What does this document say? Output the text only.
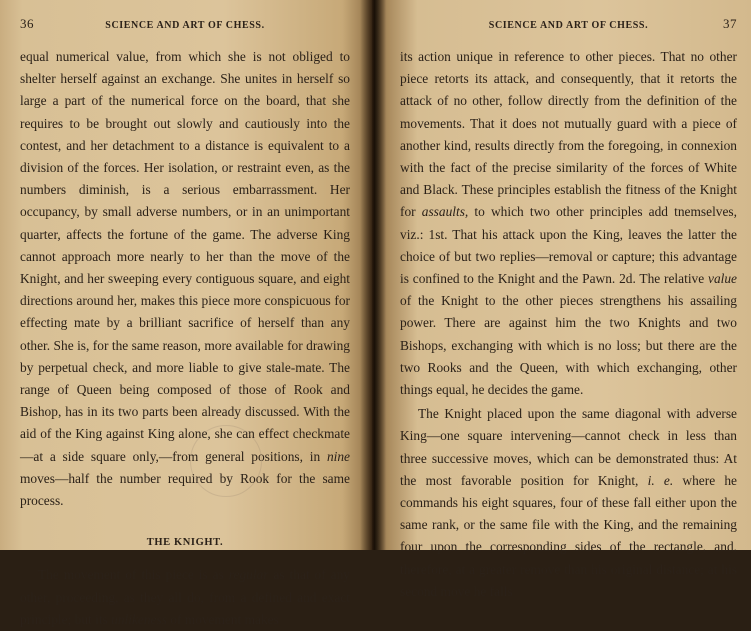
36	SCIENCE AND ART OF CHESS.

equal numerical value, from which she is not obliged to shelter herself against an exchange. She unites in herself so large a part of the numerical force on the board, that she requires to be brought out slowly and cautiously into the contest, and her detachment to a distance is equivalent to a division of the forces. Her isolation, or restraint even, as the numbers diminish, is a serious embarrassment. Her occupancy, by small adverse numbers, or in an unimportant quarter, affects the fortune of the game. The adverse King cannot approach more nearly to her than the move of the Knight, and her sweeping every contiguous square, and eight directions around her, makes this piece more conspicuous for effecting mate by a brilliant sacrifice of herself than any other. She is, for the same reason, more available for drawing by perpetual check, and more liable to give stale-mate. The range of Queen being composed of those of Rook and Bishop, has in its two parts been already discussed. With the aid of the King against King alone, she can effect checkmate—at a side square only,—from general positions, in nine moves—half the number required by Rook for the same process.

THE KNIGHT.

The movement of this piece is as regular as that of any other, proceeding, as they all do, from a defined and exact principle; but its unlikeness of movement makes

SCIENCE AND ART OF CHESS.	37

its action unique in reference to other pieces. That no other piece retorts its attack, and consequently, that it retorts the attack of no other, follow directly from the definition of the movements. That it does not mutually guard with a piece of another kind, results directly from the foregoing, in connexion with the fact of the precise similarity of the forces of White and Black. These principles establish the fitness of the Knight for assaults, to which two other principles add tnemselves, viz.: 1st. That his attack upon the King, leaves the latter the choice of but two replies—removal or capture; this advantage is confined to the Knight and the Pawn. 2d. The relative value of the Knight to the other pieces strengthens his assailing power. There are against him the two Knights and two Bishops, exchanging with which is no loss; but there are the two Rooks and the Queen, with which exchanging, other things equal, he decides the game.

The Knight placed upon the same diagonal with adverse King—one square intervening—cannot check in less than three successive moves, which can be demonstrated thus: At the most favorable position for Knight, i. e. where he commands his eight squares, four of these fall either upon the same rank, or the same file with the King, and the remaining four upon the corresponding sides of the rectangle, and, therefore, at a greater remove than his original distance; at his second move he falls
